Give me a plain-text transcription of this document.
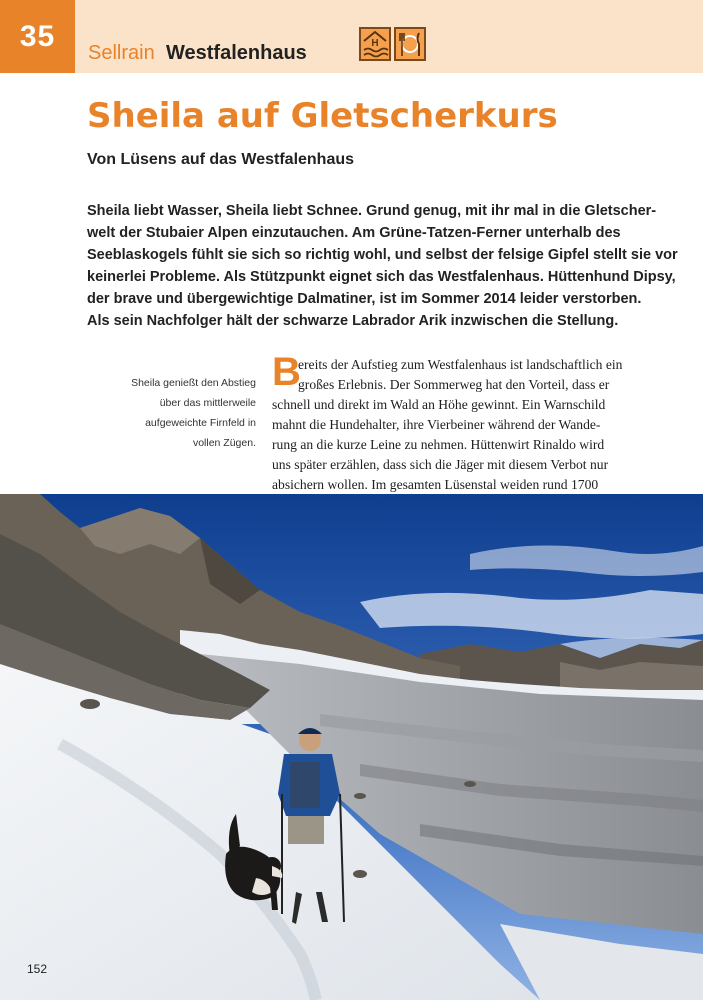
35
Sellrain Westfalenhaus	H
Sheila auf Gletscherkurs
Von Lüsens auf das Westfalenhaus
Sheila liebt Wasser, Sheila liebt Schnee. Grund genug, mit ihr mal in die Gletscher-
welt der Stubaier Alpen einzutauchen. Am Grüne-Tatzen-Ferner unterhalb des
Seeblaskogels fühlt sie sich so richtig wohl, und selbst der felsige Gipfel stellt sie vor
keinerlei Probleme. Als Stützpunkt eignet sich das Westfalenhaus. Hüttenhund Dipsy,
der brave und übergewichtige Dalmatiner, ist im Sommer 2014 leider verstorben.
Als sein Nachfolger hält der schwarze Labrador Arik inzwischen die Stellung.
Sheila genießt den Abstieg
über das mittlerweile
aufgeweichte Firnfeld in
vollen Zügen.
B
ereits der Aufstieg zum Westfalenhaus ist landschaftlich ein
großes Erlebnis. Der Sommerweg hat den Vorteil, dass er
schnell und direkt im Wald an Höhe gewinnt. Ein Warnschild
mahnt die Hundehalter, ihre Vierbeiner während der Wande-
rung an die kurze Leine zu nehmen. Hüttenwirt Rinaldo wird
uns später erzählen, dass sich die Jäger mit diesem Verbot nur
absichern wollen. Im gesamten Lüsenstal weiden rund 1700
152
